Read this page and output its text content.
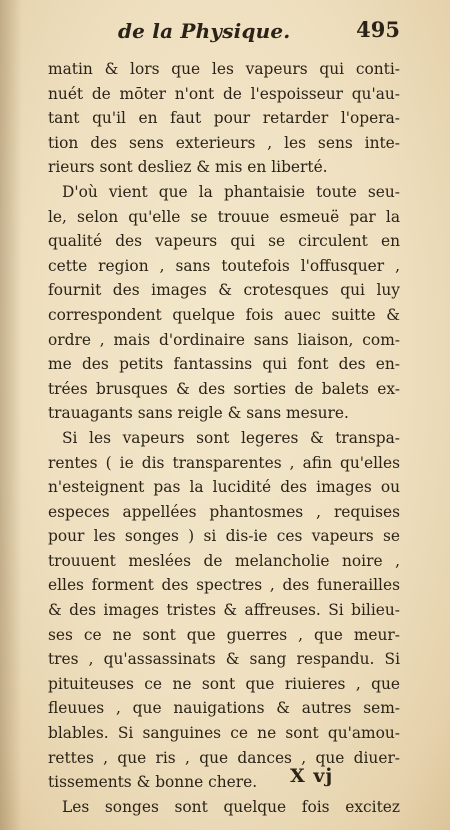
de la Physique.	495
matin & lors que les vapeurs qui conti-
nuét de mōter n'ont de l'espoisseur qu'au-
tant qu'il en faut pour retarder l'opera-
tion des sens exterieurs , les sens inte-
rieurs sont desliez & mis en liberté.
D'où vient que la phantaisie toute seu-
le, selon qu'elle se trouue esmeuë par la
qualité des vapeurs qui se circulent en
cette region , sans toutefois l'offusquer ,
fournit des images & crotesques qui luy
correspondent quelque fois auec suitte &
ordre , mais d'ordinaire sans liaison, com-
me des petits fantassins qui font des en-
trées brusques & des sorties de balets ex-
trauagants sans reigle & sans mesure.
Si les vapeurs sont legeres & transpa-
rentes ( ie dis transparentes , afin qu'elles
n'esteignent pas la lucidité des images ou
especes appellées phantosmes , requises
pour les songes ) si dis-ie ces vapeurs se
trouuent meslées de melancholie noire ,
elles forment des spectres , des funerailles
& des images tristes & affreuses. Si bilieu-
ses ce ne sont que guerres , que meur-
tres , qu'assassinats & sang respandu. Si
pituiteuses ce ne sont que riuieres , que
fleuues , que nauigations & autres sem-
blables. Si sanguines ce ne sont qu'amou-
rettes , que ris , que dances , que diuer-
tissements & bonne chere.
Les songes sont quelque fois excitez
X vj
